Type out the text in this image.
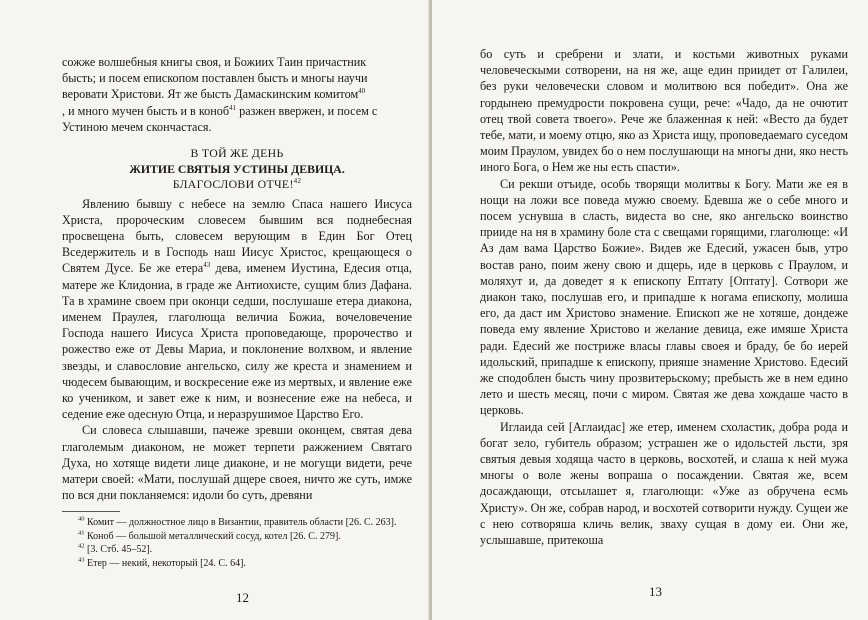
сожже волшебныя книгы своя, и Божиих Таин причастник
бысть; и посем епископом поставлен бысть и многы научи
веровати Христови. Ят же бысть Дамаскинским комитом$^{40}$
, и много мучен бысть и в коноб$^{41}$ разжен ввержен, и посем с
Устиною мечем скончастася.

В ТОЙ ЖЕ ДЕНЬ
ЖИТИЕ СВЯТЫЯ УСТИНЫ ДЕВИЦА.
БЛАГОСЛОВИ ОТЧЕ!$^{42}$

Явлению бывшу с небесе на землю Спаса нашего Иисуса Христа, пророческим словесем бывшим вся поднебесная просвещена быть, словесем верующим в Един Бог Отец Вседержитель и в Господь наш Иисус Христос, крещающеся о Святем Дусе. Бе же етера$^{43}$ дева, именем Иустина, Едесия отца, матере же Клидониа, в граде же Антиохисте, сущим близ Дафана. Та в храмине своем при оконци седши, послушаше етера диакона, именем Праулея, глаголюща величиа Божиа, вочеловечение Господа нашего Иисуса Христа проповедающе, пророчество и рожество еже от Девы Мариа, и поклонение волхвом, и явление звезды, и славословие ангельско, силу же креста и знамением и чюдесем бывающим, и воскресение еже из мертвых, и явление еже ко учеником, и завет еже к ним, и вознесение еже на небеса, и седение еже одесную Отца, и неразрушимое Царство Его.

Си словеса слышавши, пачеже зревши оконцем, святая дева глаголемым диаконом, не может терпети ражжением Святаго Духа, но хотяще видети лице диаконе, и не могущи видети, рече матери своей: «Мати, послушай дщере своея, ничто же суть, имже по вся дни покланяемся: идоли бо суть, древяни

$^{40}$ Комит — должностное лицо в Византии, правитель области [26. С. 263].

$^{41}$ Коноб — большой металлический сосуд, котел [26. С. 279].

$^{42}$ [3. Стб. 45–52].

$^{43}$ Етер — некий, некоторый [24. С. 64].

12

бо суть и сребрени и злати, и костьми животных руками человеческыми сотворени, на ня же, аще един приидет от Галилеи, без руки человечески словом и молитвою вся победит». Она же гордынею премудрости покровена сущи, рече: «Чадо, да не очютит отец твой совета твоего». Рече же блаженная к ней: «Весто да будет тебе, мати, и моему отцю, яко аз Христа ищу, проповедаемаго суседом моим Праулом, увидех бо о нем послушающи на многы дни, яко несть иного Бога, о Нем же ны есть спасти».

Си рекши отъиде, особь творящи молитвы к Богу. Мати же ея в нощи на ложи все поведа мужю своему. Бдевша же о себе много и посем уснувша в сласть, видеста во сне, яко ангельско воинство прииде на ня в храмину боле ста с свещами горящими, глаголюще: «И Аз дам вама Царство Божие». Видев же Едесий, ужасен быв, утро востав рано, поим жену свою и дщерь, иде в церковь с Праулом, и моляхут и, да доведет я к епископу Ептату [Оптату]. Сотвори же диакон тако, послушав его, и припадше к ногама епископу, молиша его, да даст им Христово знамение. Епископ же не хотяше, дондеже поведа ему явление Христово и желание девица, еже имяше Христа ради. Едесий же постриже власы главы своея и браду, бе бо иерей идольский, припадше к епископу, прияше знамение Христово. Едесий же сподоблен бысть чину прозвитерьскому; пребысть же в нем едино лето и шесть месяц, почи с миром. Святая же дева хождаше часто в церковь.

Иглаида сей [Аглаидас] же етер, именем схоластик, добра рода и богат зело, губитель образом; устрашен же о идольстей льсти, зря святыя девыя ходяща часто в церковь, восхотей, и слаша к ней мужа многы о воле жены вопраша о посаждении. Святая же, всем досаждающи, отсылашет я, глаголющи: «Уже аз обручена есмь Христу». Он же, собрав народ, и восхотей сотворити нужду. Сущеи же с нею сотворяша кличь велик, зваху сущая в дому еи. Они же, услышавше, притекоша

13
